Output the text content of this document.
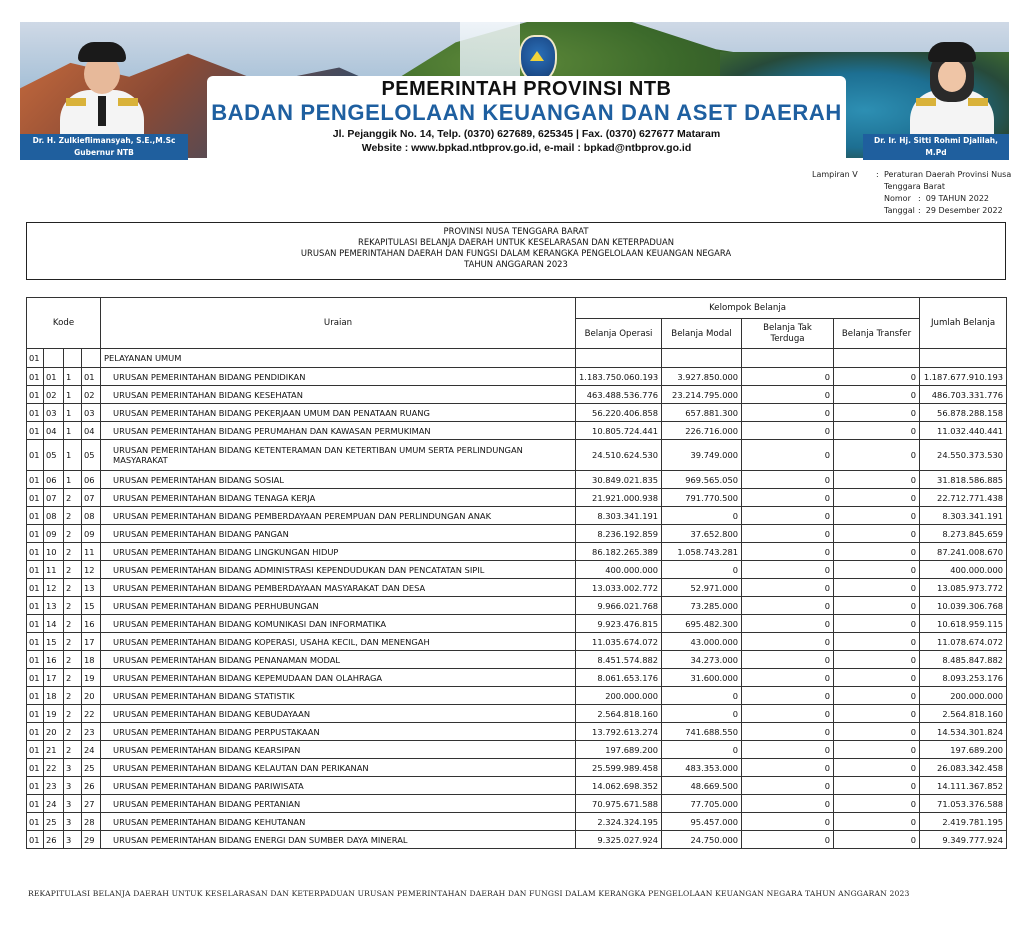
Dr. H. Zulkieflimansyah, S.E.,M.Sc
Gubernur NTB
Dr. Ir. Hj. Sitti Rohmi Djalilah, M.Pd
Wakil Gubernur NTB
PEMERINTAH PROVINSI NTB
BADAN PENGELOLAAN KEUANGAN DAN ASET DAERAH
Jl. Pejanggik No. 14, Telp. (0370) 627689, 625345 | Fax. (0370) 627677 Mataram
Website : www.bpkad.ntbprov.go.id, e-mail : bpkad@ntbprov.go.id
Lampiran V	: Peraturan Daerah Provinsi Nusa
Tenggara Barat
Nomor :  09 TAHUN 2022
Tanggal :  29 Desember 2022
PROVINSI NUSA TENGGARA BARAT
REKAPITULASI BELANJA DAERAH UNTUK KESELARASAN DAN KETERPADUAN
URUSAN PEMERINTAHAN DAERAH DAN FUNGSI DALAM KERANGKA PENGELOLAAN KEUANGAN NEGARA
TAHUN ANGGARAN 2023
Kode				Uraian	Kelompok Belanja				Jumlah Belanja
					Belanja Operasi	Belanja Modal	Belanja Tak Terduga	Belanja Transfer	
01				PELAYANAN UMUM					
01	01	1	01	URUSAN PEMERINTAHAN BIDANG PENDIDIKAN	1.183.750.060.193	3.927.850.000	0	0	1.187.677.910.193
01	02	1	02	URUSAN PEMERINTAHAN BIDANG KESEHATAN	463.488.536.776	23.214.795.000	0	0	486.703.331.776
01	03	1	03	URUSAN PEMERINTAHAN BIDANG PEKERJAAN UMUM DAN PENATAAN RUANG	56.220.406.858	657.881.300	0	0	56.878.288.158
01	04	1	04	URUSAN PEMERINTAHAN BIDANG PERUMAHAN DAN KAWASAN PERMUKIMAN	10.805.724.441	226.716.000	0	0	11.032.440.441
01	05	1	05	URUSAN PEMERINTAHAN BIDANG KETENTERAMAN DAN KETERTIBAN UMUM SERTA PERLINDUNGAN MASYARAKAT	24.510.624.530	39.749.000	0	0	24.550.373.530
01	06	1	06	URUSAN PEMERINTAHAN BIDANG SOSIAL	30.849.021.835	969.565.050	0	0	31.818.586.885
01	07	2	07	URUSAN PEMERINTAHAN BIDANG TENAGA KERJA	21.921.000.938	791.770.500	0	0	22.712.771.438
01	08	2	08	URUSAN PEMERINTAHAN BIDANG PEMBERDAYAAN PEREMPUAN DAN PERLINDUNGAN ANAK	8.303.341.191	0	0	0	8.303.341.191
01	09	2	09	URUSAN PEMERINTAHAN BIDANG PANGAN	8.236.192.859	37.652.800	0	0	8.273.845.659
01	10	2	11	URUSAN PEMERINTAHAN BIDANG LINGKUNGAN HIDUP	86.182.265.389	1.058.743.281	0	0	87.241.008.670
01	11	2	12	URUSAN PEMERINTAHAN BIDANG ADMINISTRASI KEPENDUDUKAN DAN PENCATATAN SIPIL	400.000.000	0	0	0	400.000.000
01	12	2	13	URUSAN PEMERINTAHAN BIDANG PEMBERDAYAAN MASYARAKAT DAN DESA	13.033.002.772	52.971.000	0	0	13.085.973.772
01	13	2	15	URUSAN PEMERINTAHAN BIDANG PERHUBUNGAN	9.966.021.768	73.285.000	0	0	10.039.306.768
01	14	2	16	URUSAN PEMERINTAHAN BIDANG KOMUNIKASI DAN INFORMATIKA	9.923.476.815	695.482.300	0	0	10.618.959.115
01	15	2	17	URUSAN PEMERINTAHAN BIDANG KOPERASI, USAHA KECIL, DAN MENENGAH	11.035.674.072	43.000.000	0	0	11.078.674.072
01	16	2	18	URUSAN PEMERINTAHAN BIDANG PENANAMAN MODAL	8.451.574.882	34.273.000	0	0	8.485.847.882
01	17	2	19	URUSAN PEMERINTAHAN BIDANG KEPEMUDAAN DAN OLAHRAGA	8.061.653.176	31.600.000	0	0	8.093.253.176
01	18	2	20	URUSAN PEMERINTAHAN BIDANG STATISTIK	200.000.000	0	0	0	200.000.000
01	19	2	22	URUSAN PEMERINTAHAN BIDANG KEBUDAYAAN	2.564.818.160	0	0	0	2.564.818.160
01	20	2	23	URUSAN PEMERINTAHAN BIDANG PERPUSTAKAAN	13.792.613.274	741.688.550	0	0	14.534.301.824
01	21	2	24	URUSAN PEMERINTAHAN BIDANG KEARSIPAN	197.689.200	0	0	0	197.689.200
01	22	3	25	URUSAN PEMERINTAHAN BIDANG KELAUTAN DAN PERIKANAN	25.599.989.458	483.353.000	0	0	26.083.342.458
01	23	3	26	URUSAN PEMERINTAHAN BIDANG PARIWISATA	14.062.698.352	48.669.500	0	0	14.111.367.852
01	24	3	27	URUSAN PEMERINTAHAN BIDANG PERTANIAN	70.975.671.588	77.705.000	0	0	71.053.376.588
01	25	3	28	URUSAN PEMERINTAHAN BIDANG KEHUTANAN	2.324.324.195	95.457.000	0	0	2.419.781.195
01	26	3	29	URUSAN PEMERINTAHAN BIDANG ENERGI DAN SUMBER DAYA MINERAL	9.325.027.924	24.750.000	0	0	9.349.777.924
REKAPITULASI BELANJA DAERAH UNTUK KESELARASAN DAN KETERPADUAN URUSAN PEMERINTAHAN DAERAH DAN FUNGSI DALAM KERANGKA PENGELOLAAN KEUANGAN NEGARA TAHUN ANGGARAN 2023
